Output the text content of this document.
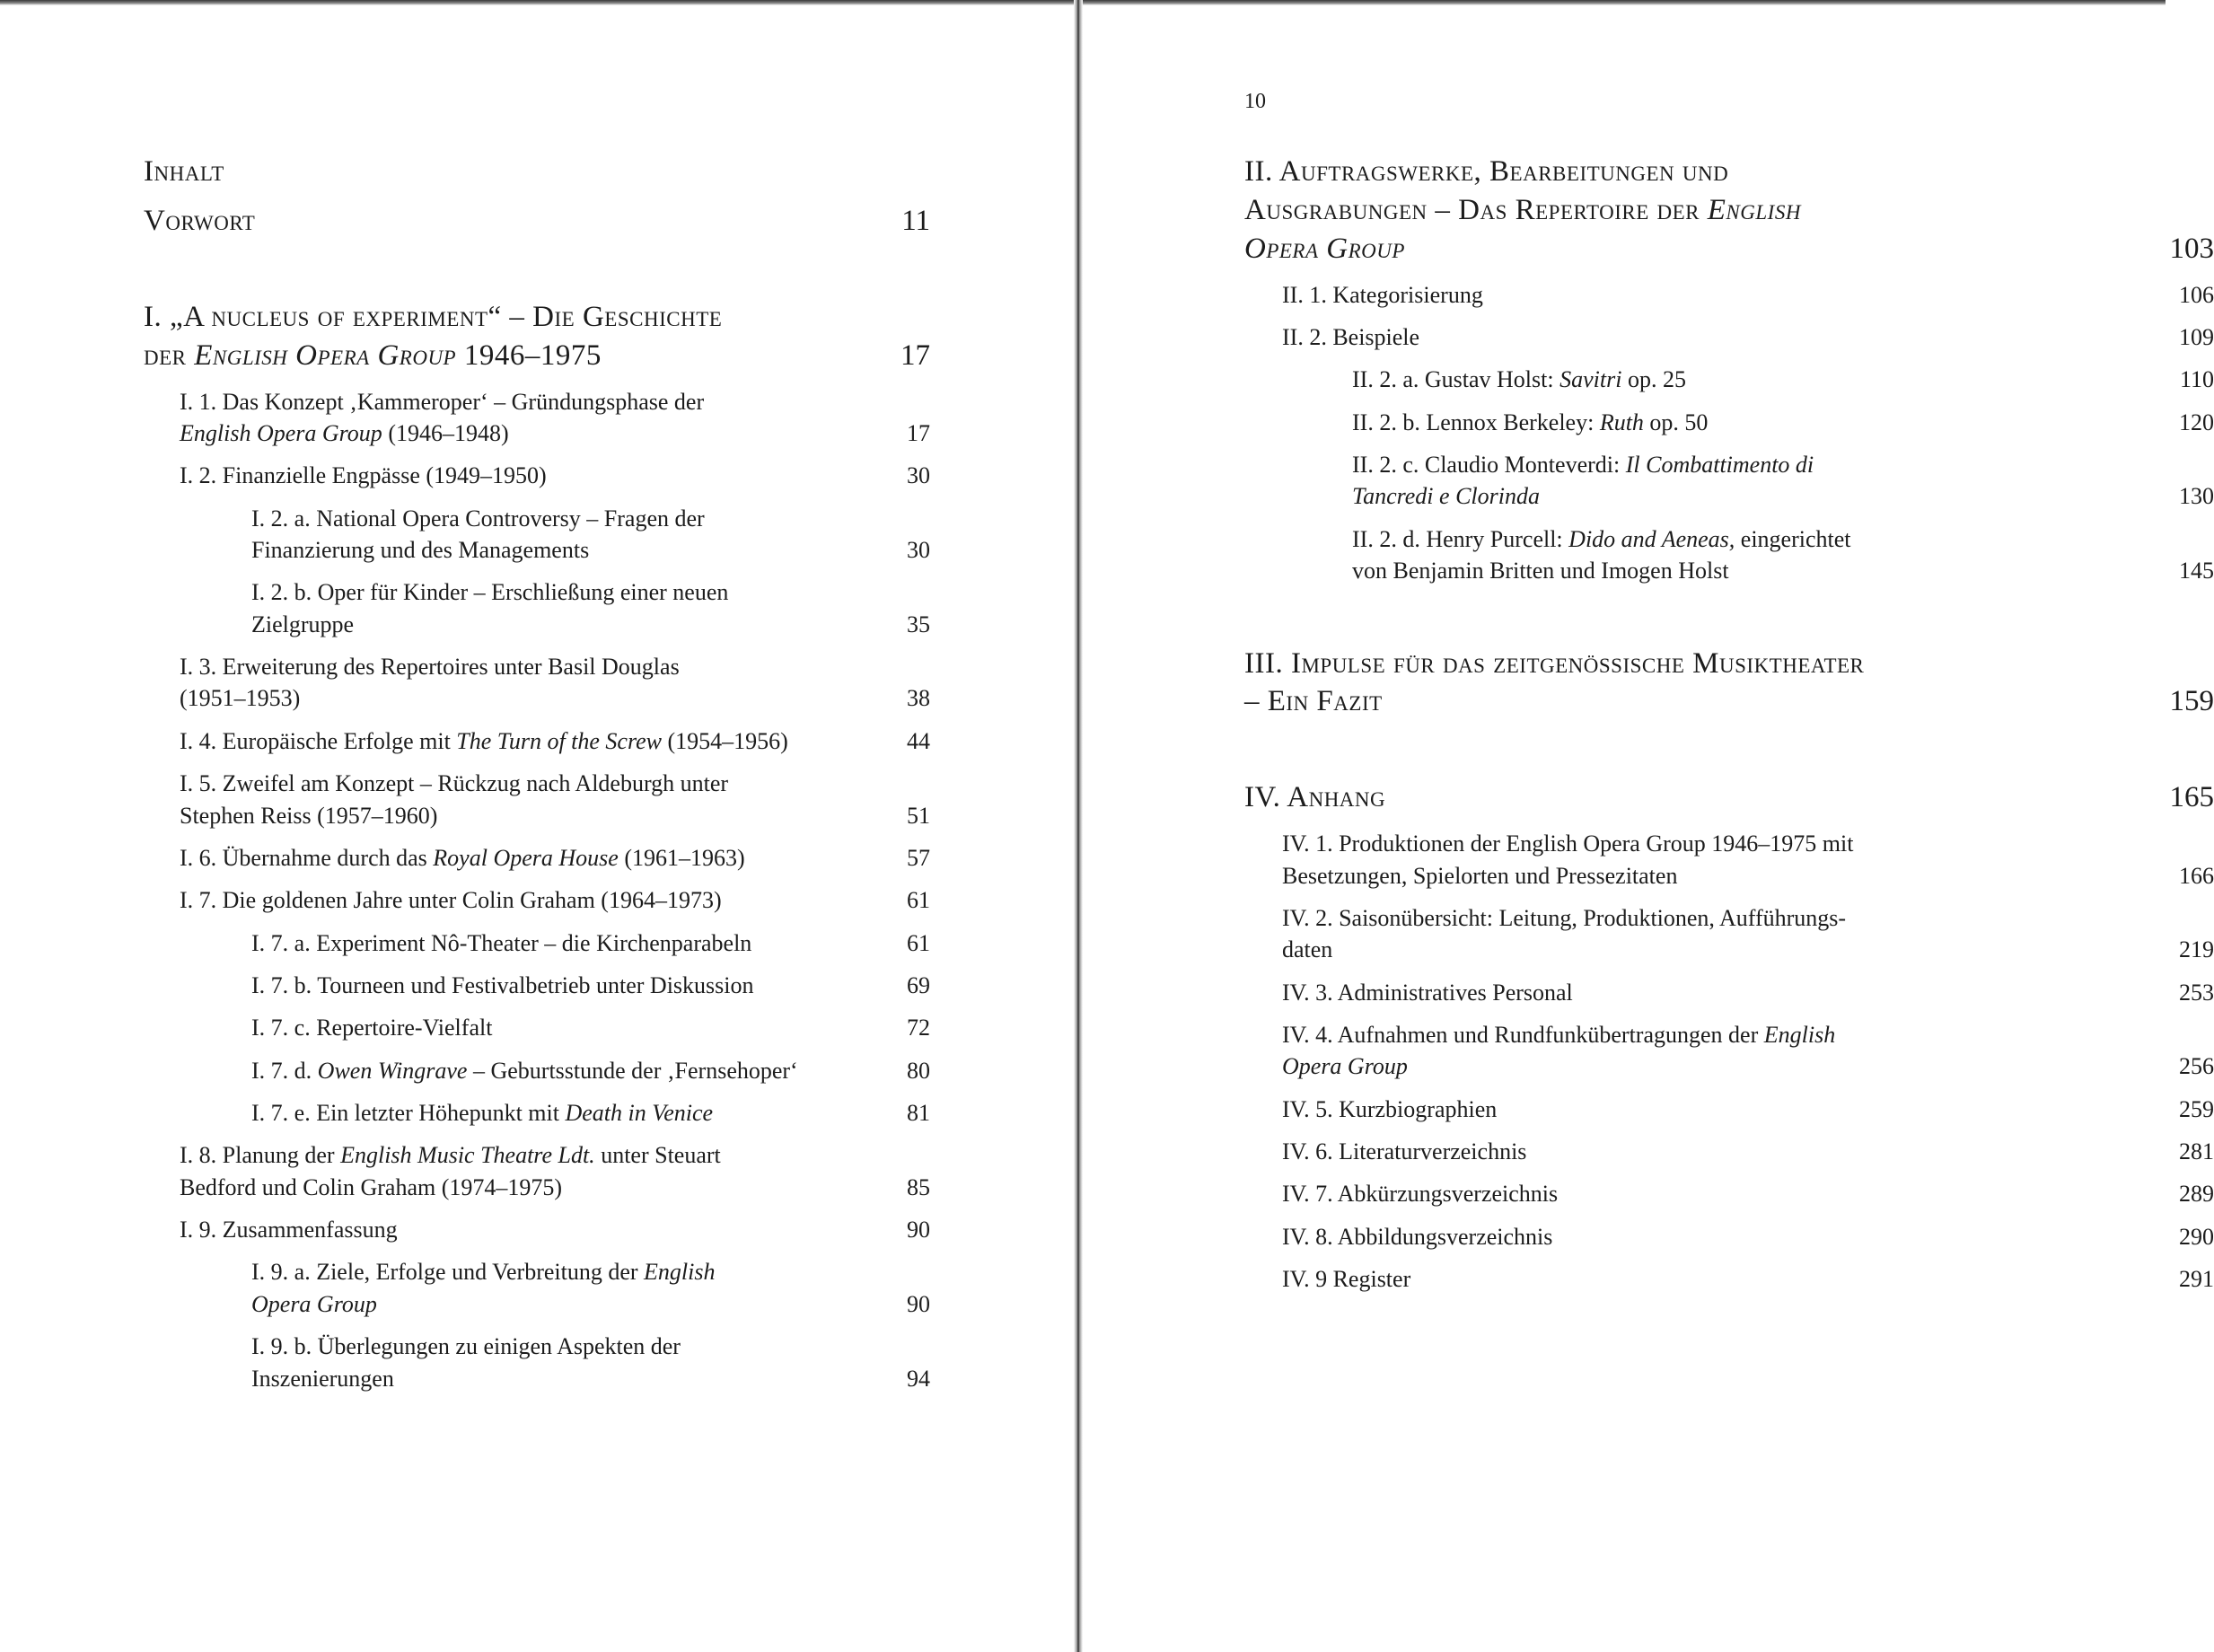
Inhalt
Vorwort	11
I. „A nucleus of experiment“ – Die Geschichte
der English Opera Group 1946–1975	17
I. 1. Das Konzept ‚Kammeroper‘ – Gründungsphase der
English Opera Group (1946–1948)	17
I. 2. Finanzielle Engpässe (1949–1950)	30
I. 2. a. National Opera Controversy – Fragen der
Finanzierung und des Managements	30
I. 2. b. Oper für Kinder – Erschließung einer neuen
Zielgruppe	35
I. 3. Erweiterung des Repertoires unter Basil Douglas
(1951–1953)	38
I. 4. Europäische Erfolge mit The Turn of the Screw (1954–1956)	44
I. 5. Zweifel am Konzept – Rückzug nach Aldeburgh unter
Stephen Reiss (1957–1960)	51
I. 6. Übernahme durch das Royal Opera House (1961–1963)	57
I. 7. Die goldenen Jahre unter Colin Graham (1964–1973)	61
I. 7. a. Experiment Nô-Theater – die Kirchenparabeln	61
I. 7. b. Tourneen und Festivalbetrieb unter Diskussion	69
I. 7. c. Repertoire-Vielfalt	72
I. 7. d. Owen Wingrave – Geburtsstunde der ‚Fernsehoper‘	80
I. 7. e. Ein letzter Höhepunkt mit Death in Venice	81
I. 8. Planung der English Music Theatre Ldt. unter Steuart
Bedford und Colin Graham (1974–1975)	85
I. 9. Zusammenfassung	90
I. 9. a. Ziele, Erfolge und Verbreitung der English
Opera Group	90
I. 9. b. Überlegungen zu einigen Aspekten der
Inszenierungen	94
10
II. Auftragswerke, Bearbeitungen und
Ausgrabungen – Das Repertoire der English
Opera Group	103
II. 1. Kategorisierung	106
II. 2. Beispiele	109
II. 2. a. Gustav Holst: Savitri op. 25	110
II. 2. b. Lennox Berkeley: Ruth op. 50	120
II. 2. c. Claudio Monteverdi: Il Combattimento di
Tancredi e Clorinda	130
II. 2. d. Henry Purcell: Dido and Aeneas, eingerichtet
von Benjamin Britten und Imogen Holst	145
III. Impulse für das zeitgenössische Musiktheater
– Ein Fazit	159
IV. Anhang	165
IV. 1. Produktionen der English Opera Group 1946–1975 mit
Besetzungen, Spielorten und Pressezitaten	166
IV. 2. Saisonübersicht: Leitung, Produktionen, Aufführungs-
daten	219
IV. 3. Administratives Personal	253
IV. 4. Aufnahmen und Rundfunkübertragungen der English
Opera Group	256
IV. 5. Kurzbiographien	259
IV. 6. Literaturverzeichnis	281
IV. 7. Abkürzungsverzeichnis	289
IV. 8. Abbildungsverzeichnis	290
IV. 9 Register	291
